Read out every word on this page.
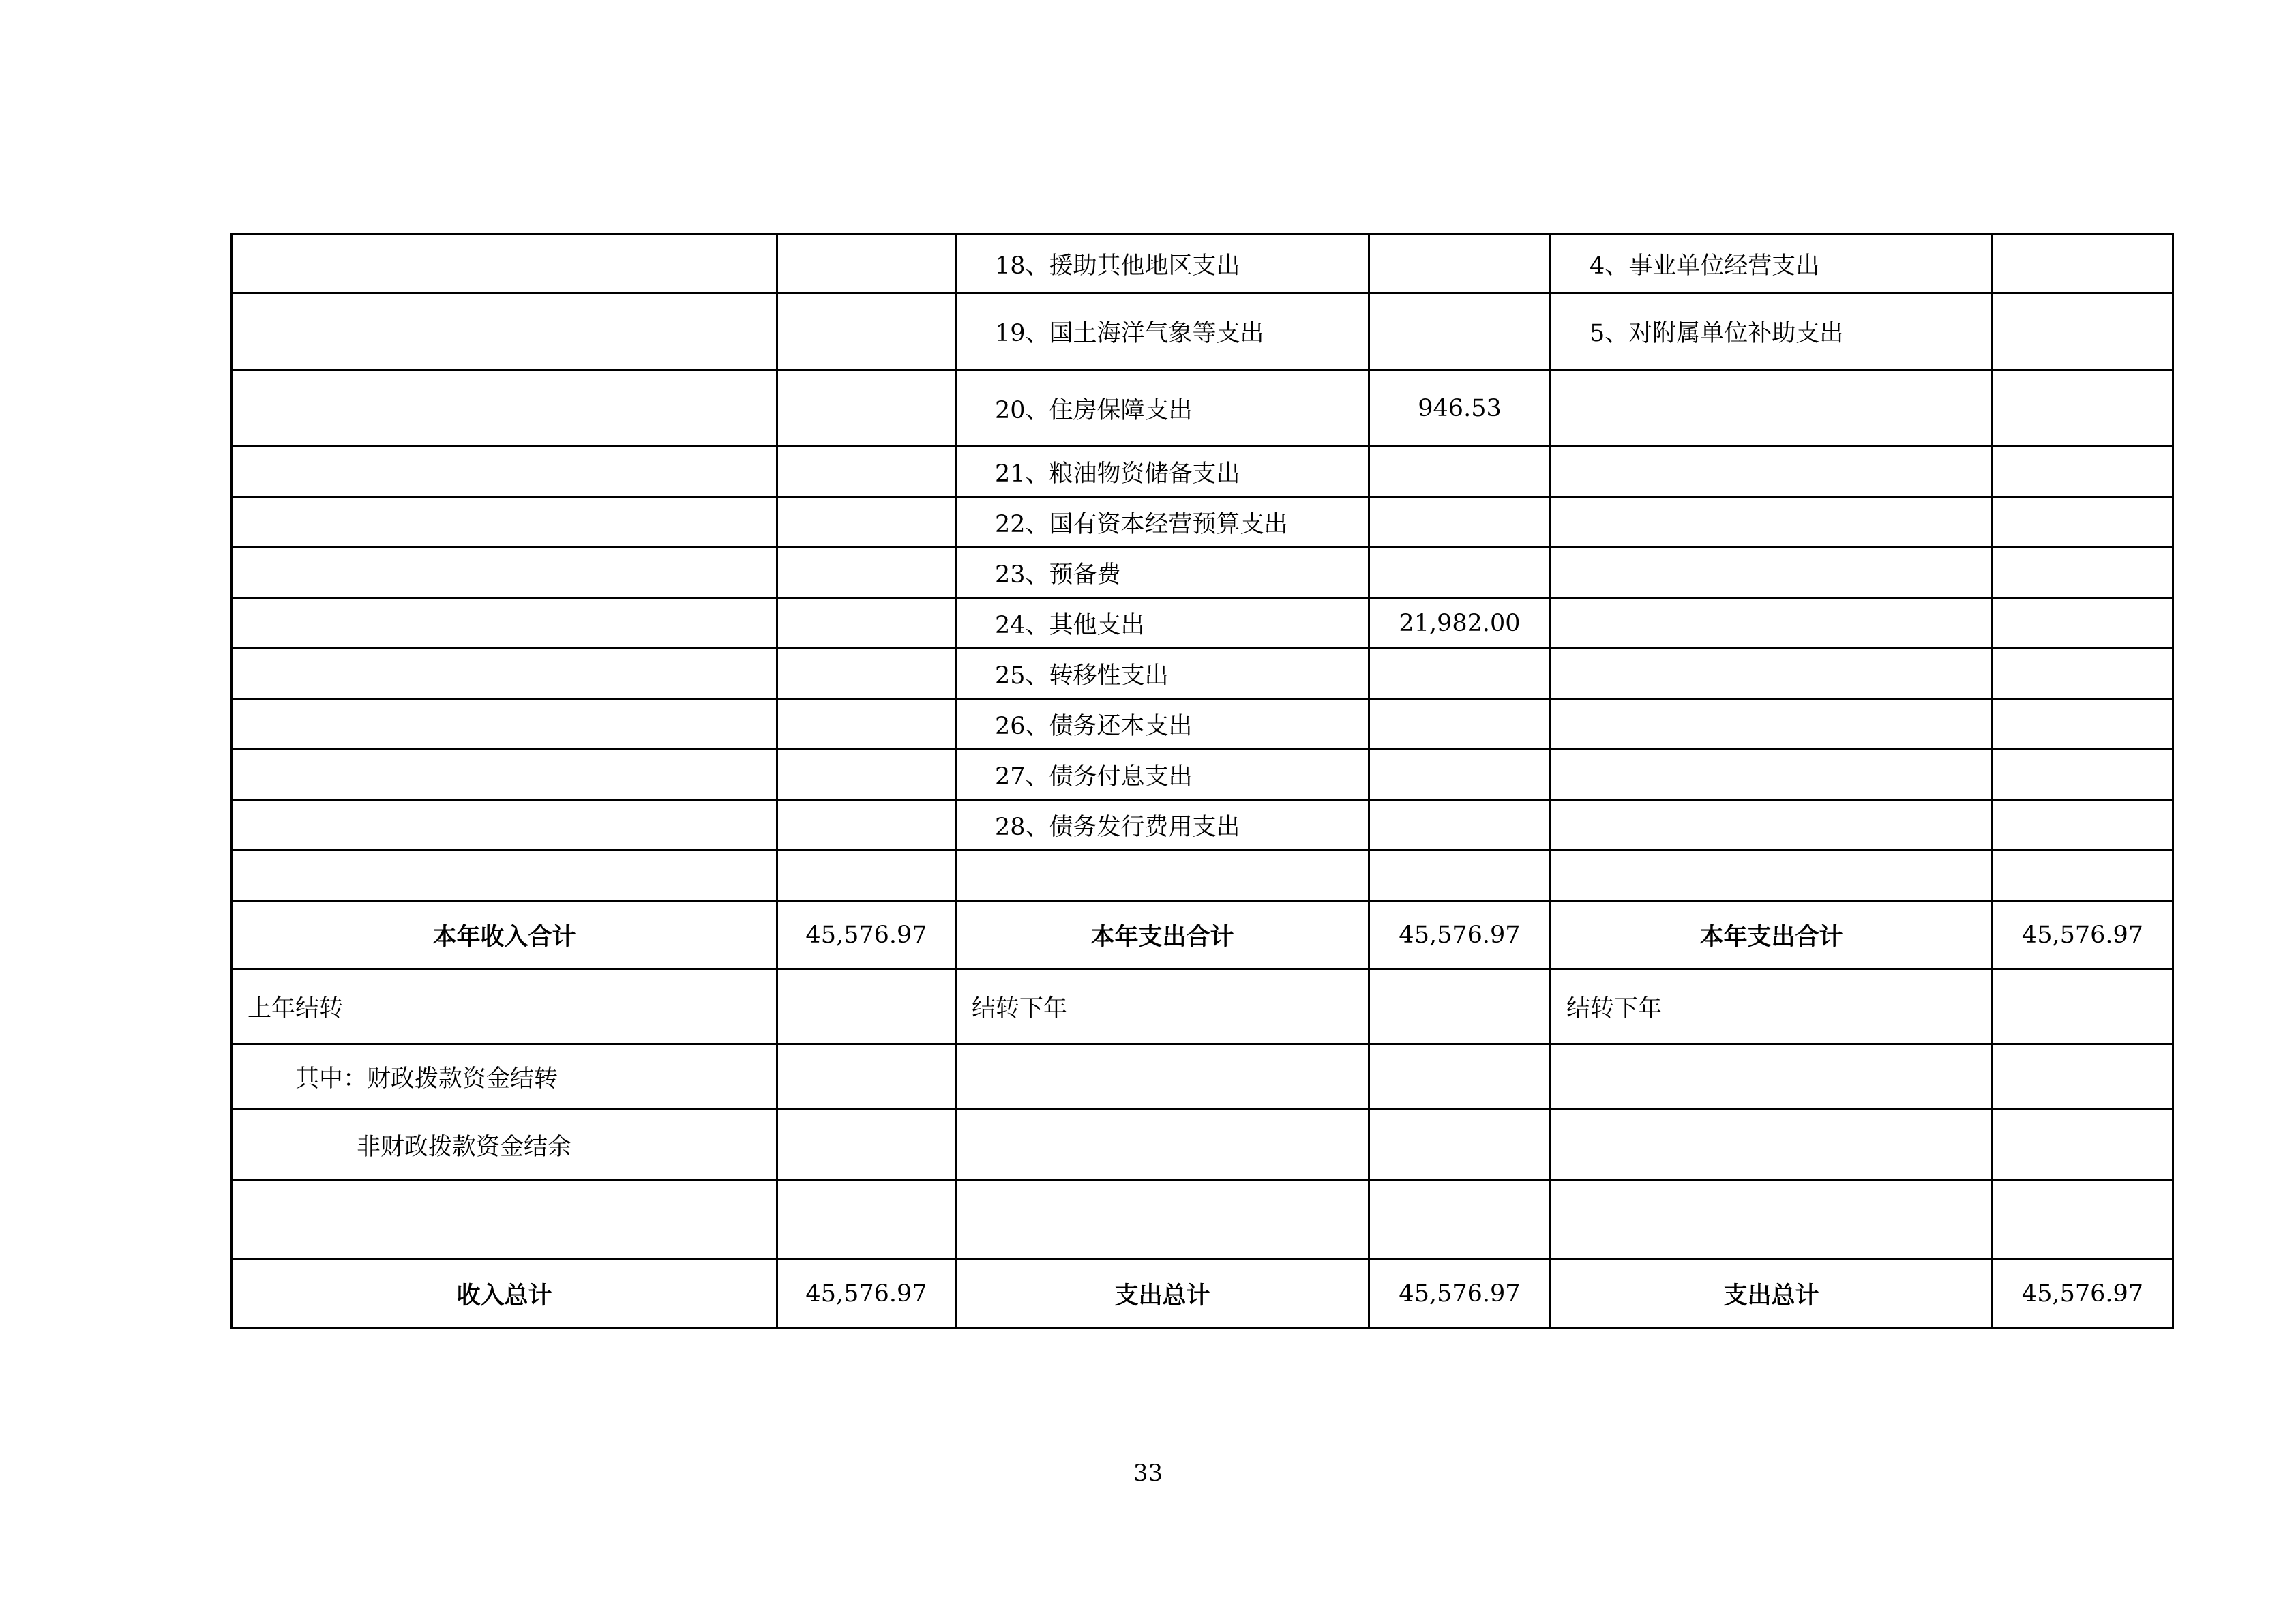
		18、援助其他地区支出		4、事业单位经营支出	
		19、国土海洋气象等支出		5、对附属单位补助支出	
		20、住房保障支出	946.53		
		21、粮油物资储备支出			
		22、国有资本经营预算支出			
		23、预备费			
		24、其他支出	21,982.00		
		25、转移性支出			
		26、债务还本支出			
		27、债务付息支出			
		28、债务发行费用支出			

本年收入合计	45,576.97	本年支出合计	45,576.97	本年支出合计	45,576.97
上年结转		结转下年		结转下年	
其中：财政拨款资金结转					
非财政拨款资金结余					

收入总计	45,576.97	支出总计	45,576.97	支出总计	45,576.97
33
